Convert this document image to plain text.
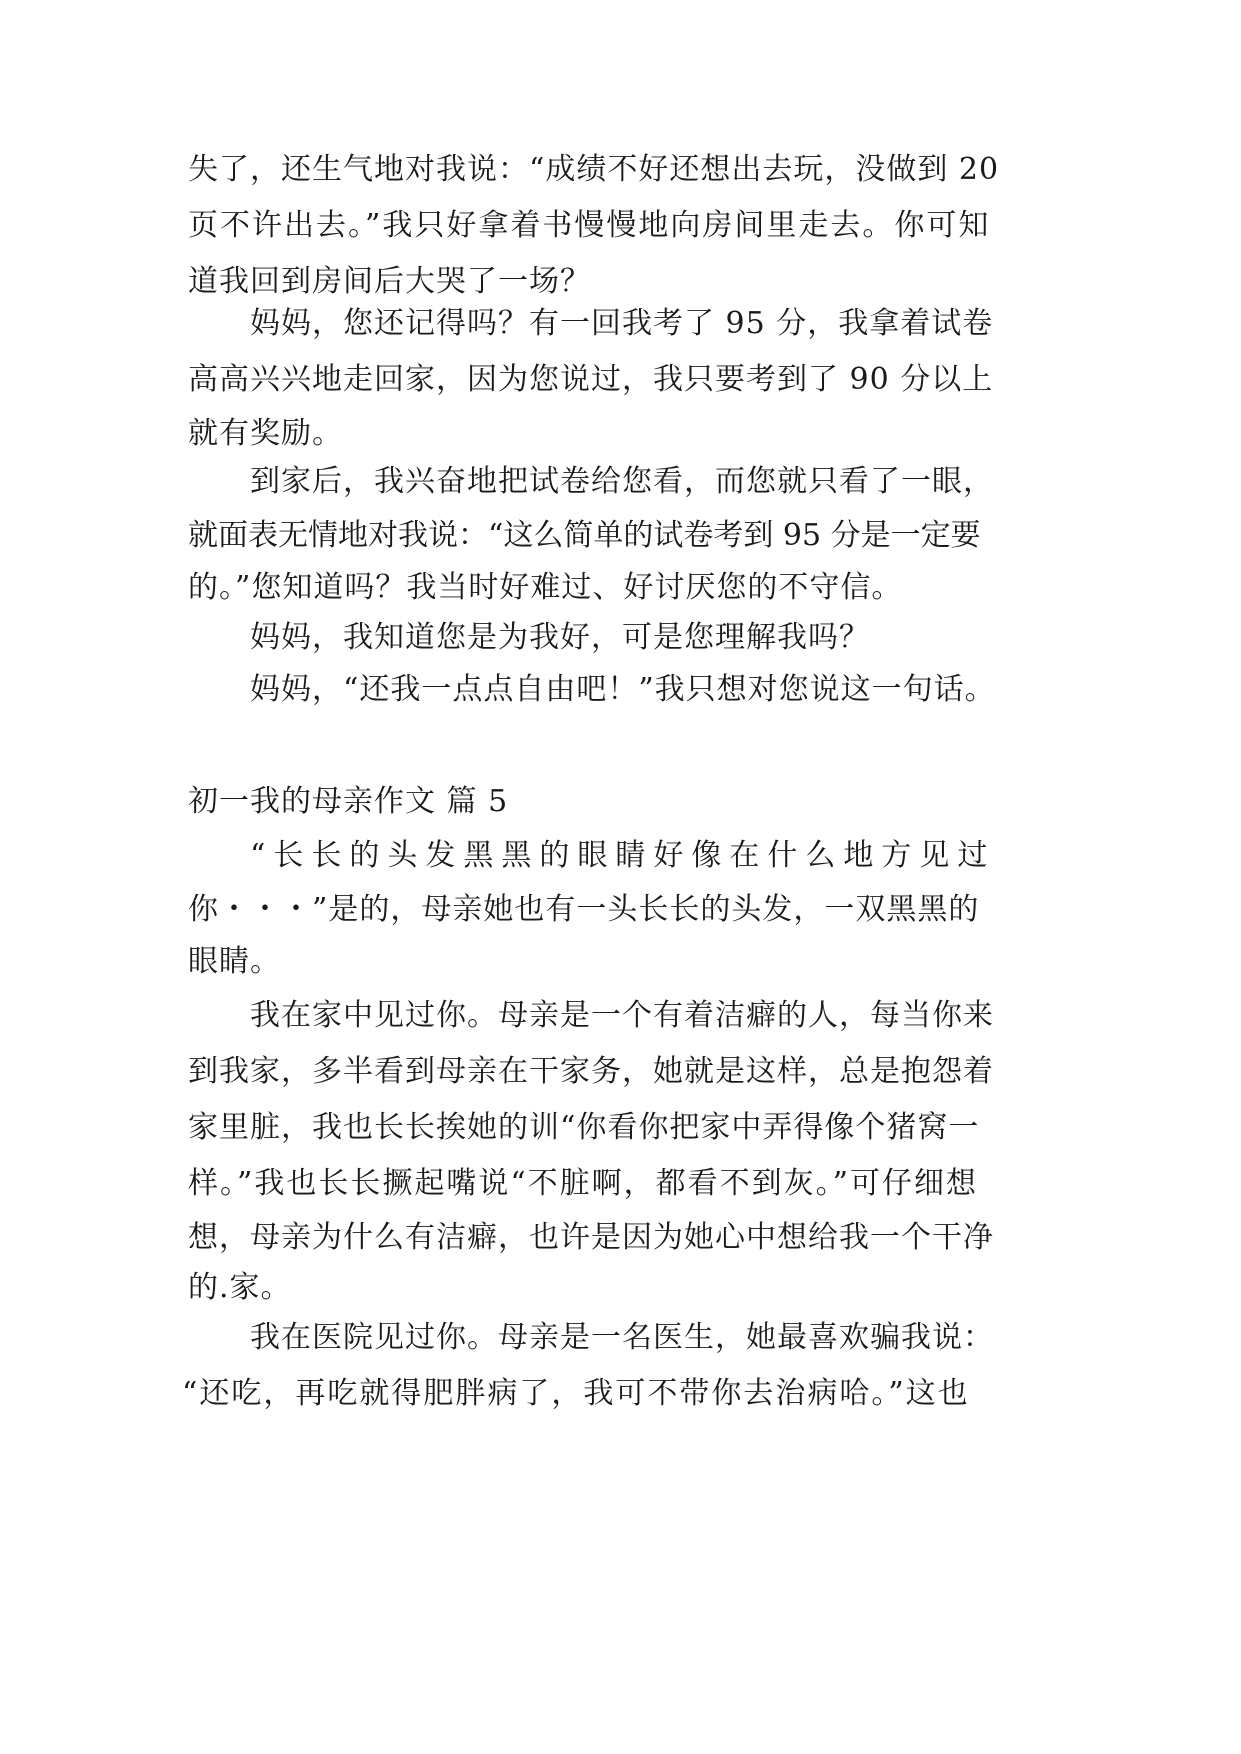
失了，还生气地对我说：“成绩不好还想出去玩，没做到 20
页不许出去。”我只好拿着书慢慢地向房间里走去。你可知
道我回到房间后大哭了一场？
妈妈，您还记得吗？有一回我考了 95 分，我拿着试卷
高高兴兴地走回家，因为您说过，我只要考到了 90 分以上
就有奖励。
到家后，我兴奋地把试卷给您看，而您就只看了一眼，
就面表无情地对我说：“这么简单的试卷考到 95 分是一定要
的。”您知道吗？我当时好难过、好讨厌您的不守信。
妈妈，我知道您是为我好，可是您理解我吗？
妈妈，“还我一点点自由吧！”我只想对您说这一句话。
初一我的母亲作文 篇 5
“长长的头发黑黑的眼睛好像在什么地方见过
你・・・”是的，母亲她也有一头长长的头发，一双黑黑的
眼睛。
我在家中见过你。母亲是一个有着洁癖的人，每当你来
到我家，多半看到母亲在干家务，她就是这样，总是抱怨着
家里脏，我也长长挨她的训“你看你把家中弄得像个猪窝一
样。”我也长长撅起嘴说“不脏啊，都看不到灰。”可仔细想
想，母亲为什么有洁癖，也许是因为她心中想给我一个干净
的.家。
我在医院见过你。母亲是一名医生，她最喜欢骗我说：
“还吃，再吃就得肥胖病了，我可不带你去治病哈。”这也
